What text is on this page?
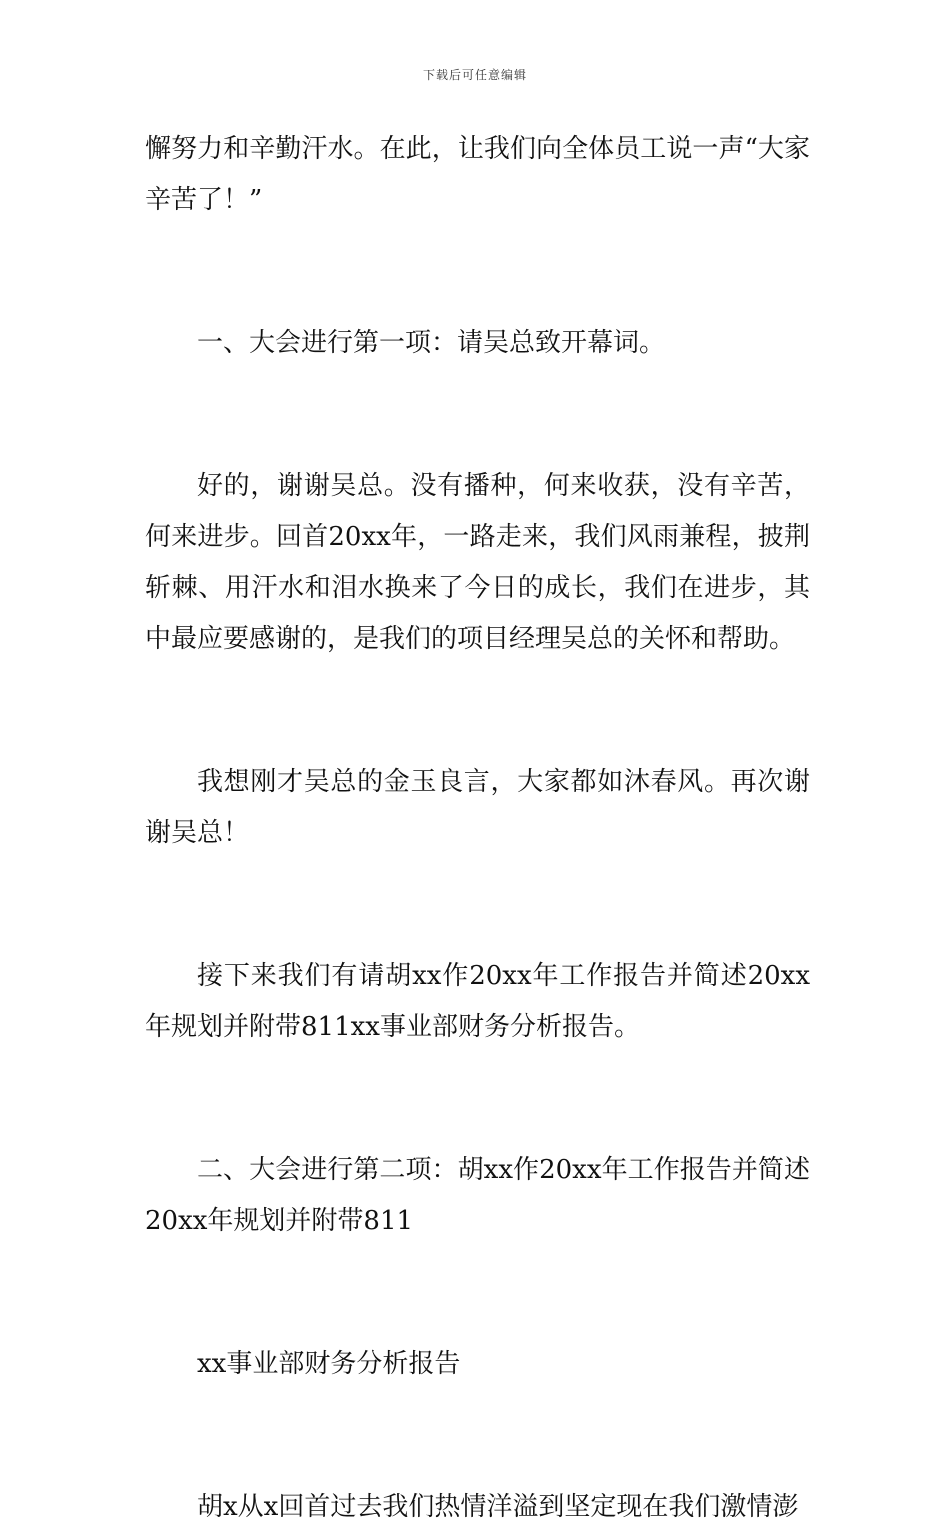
下载后可任意编辑

懈努力和辛勤汗水。在此，让我们向全体员工说一声“大家辛苦了！”

一、大会进行第一项：请吴总致开幕词。

好的，谢谢吴总。没有播种，何来收获，没有辛苦，何来进步。回首20xx年，一路走来，我们风雨兼程，披荆斩棘、用汗水和泪水换来了今日的成长，我们在进步，其中最应要感谢的，是我们的项目经理吴总的关怀和帮助。

我想刚才吴总的金玉良言，大家都如沐春风。再次谢谢吴总！

接下来我们有请胡xx作20xx年工作报告并简述20xx年规划并附带811xx事业部财务分析报告。

二、大会进行第二项：胡xx作20xx年工作报告并简述20xx年规划并附带811

xx事业部财务分析报告

胡x从x回首过去我们热情洋溢到坚定现在我们激情澎
